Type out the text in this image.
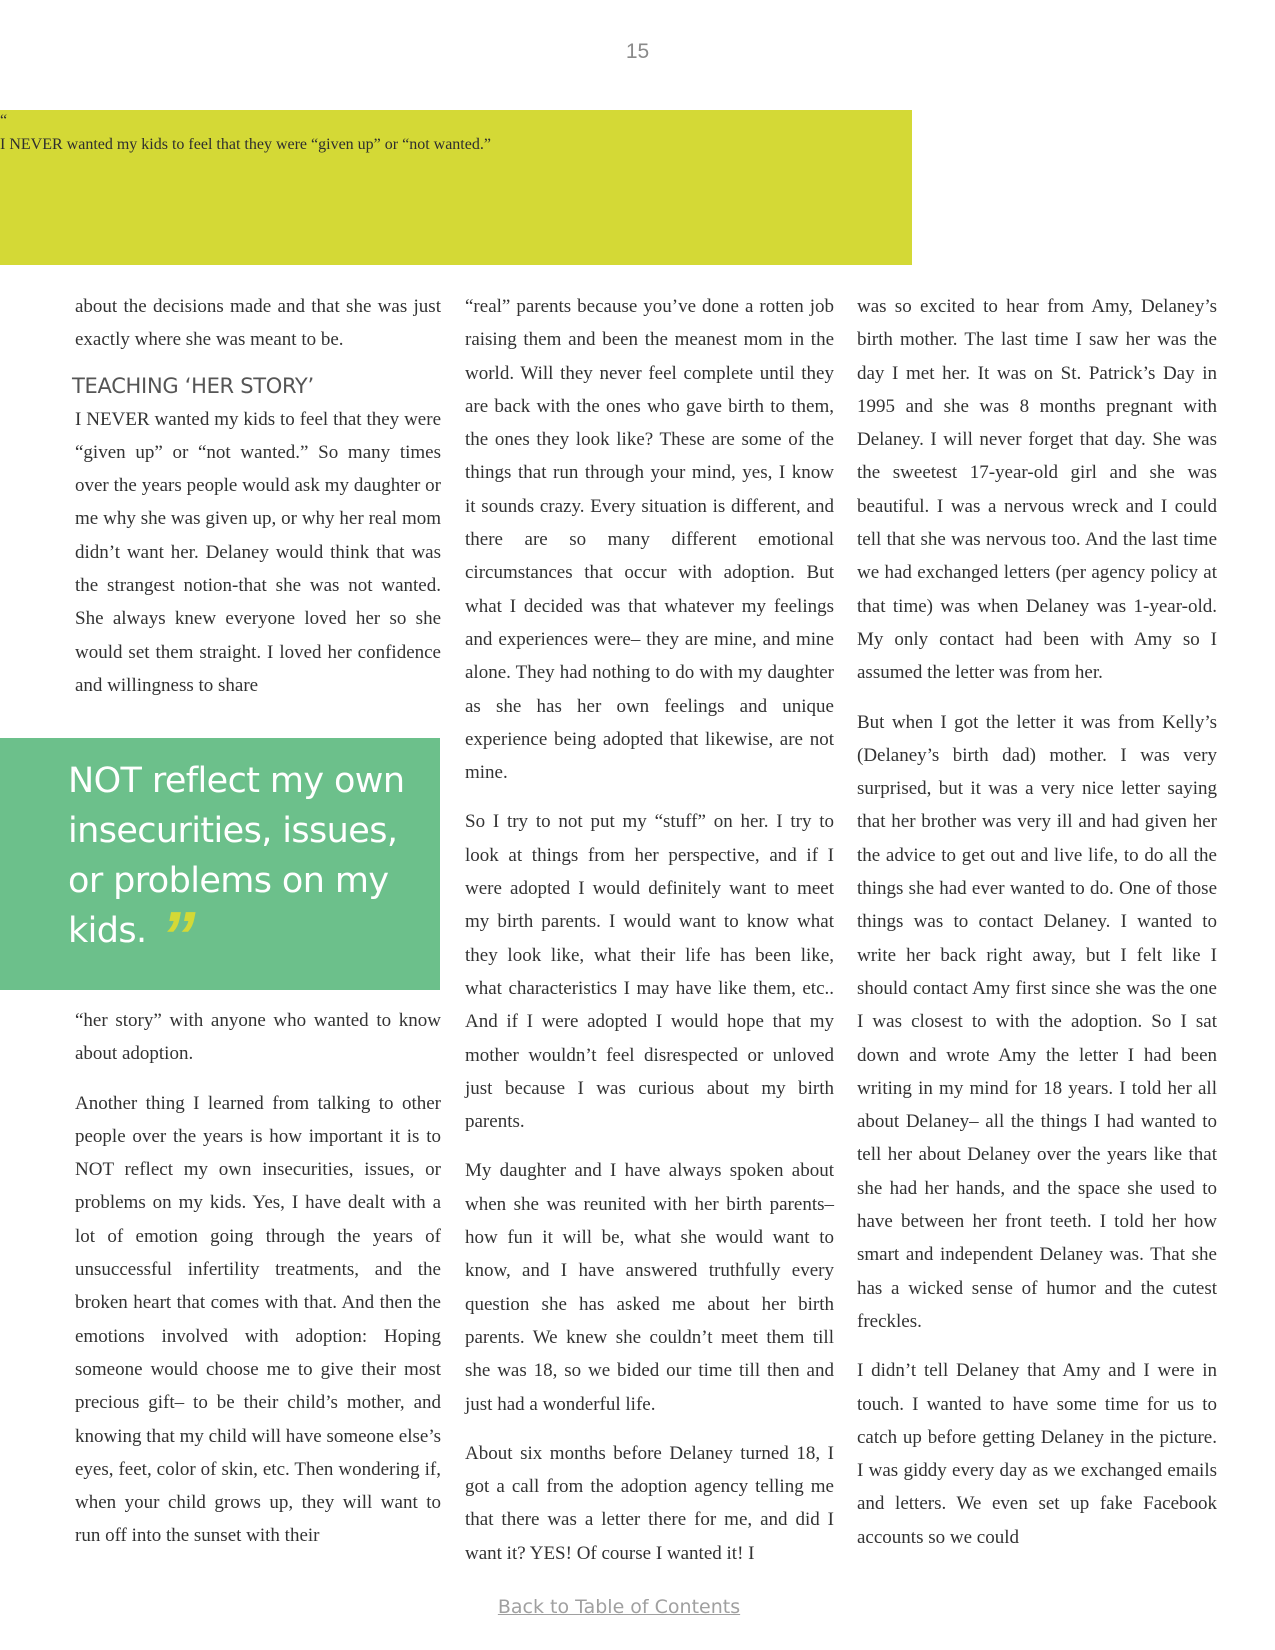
15
“
I NEVER wanted my kids to feel that they were “given up” or “not wanted.”
NOT reflect my own insecurities, issues, or problems on my kids. ”

about the decisions made and that she was just exactly where she was meant to be.

TEACHING ‘HER STORY’

I NEVER wanted my kids to feel that they were “given up” or “not wanted.” So many times over the years people would ask my daughter or me why she was given up, or why her real mom didn’t want her. Delaney would think that was the strangest notion-that she was not wanted. She always knew everyone loved her so she would set them straight. I loved her confidence and willingness to share

“her story” with anyone who wanted to know about adoption.

Another thing I learned from talking to other people over the years is how important it is to NOT reflect my own insecurities, issues, or problems on my kids. Yes, I have dealt with a lot of emotion going through the years of unsuccessful infertility treatments, and the broken heart that comes with that. And then the emotions involved with adoption: Hoping someone would choose me to give their most precious gift– to be their child’s mother, and knowing that my child will have someone else’s eyes, feet, color of skin, etc. Then wondering if, when your child grows up, they will want to run off into the sunset with their

“real” parents because you’ve done a rotten job raising them and been the meanest mom in the world. Will they never feel complete until they are back with the ones who gave birth to them, the ones they look like? These are some of the things that run through your mind, yes, I know it sounds crazy. Every situation is different, and there are so many different emotional circumstances that occur with adoption. But what I decided was that whatever my feelings and experiences were– they are mine, and mine alone. They had nothing to do with my daughter as she has her own feelings and unique experience being adopted that likewise, are not mine.

So I try to not put my “stuff” on her. I try to look at things from her perspective, and if I were adopted I would definitely want to meet my birth parents. I would want to know what they look like, what their life has been like, what characteristics I may have like them, etc.. And if I were adopted I would hope that my mother wouldn’t feel disrespected or unloved just because I was curious about my birth parents.

My daughter and I have always spoken about when she was reunited with her birth parents– how fun it will be, what she would want to know, and I have answered truthfully every question she has asked me about her birth parents. We knew she couldn’t meet them till she was 18, so we bided our time till then and just had a wonderful life.

About six months before Delaney turned 18, I got a call from the adoption agency telling me that there was a letter there for me, and did I want it? YES! Of course I wanted it! I

was so excited to hear from Amy, Delaney’s birth mother. The last time I saw her was the day I met her. It was on St. Patrick’s Day in 1995 and she was 8 months pregnant with Delaney. I will never forget that day. She was the sweetest 17-year-old girl and she was beautiful. I was a nervous wreck and I could tell that she was nervous too. And the last time we had exchanged letters (per agency policy at that time) was when Delaney was 1-year-old. My only contact had been with Amy so I assumed the letter was from her.

But when I got the letter it was from Kelly’s (Delaney’s birth dad) mother. I was very surprised, but it was a very nice letter saying that her brother was very ill and had given her the advice to get out and live life, to do all the things she had ever wanted to do. One of those things was to contact Delaney. I wanted to write her back right away, but I felt like I should contact Amy first since she was the one I was closest to with the adoption. So I sat down and wrote Amy the letter I had been writing in my mind for 18 years. I told her all about Delaney– all the things I had wanted to tell her about Delaney over the years like that she had her hands, and the space she used to have between her front teeth. I told her how smart and independent Delaney was. That she has a wicked sense of humor and the cutest freckles.

I didn’t tell Delaney that Amy and I were in touch. I wanted to have some time for us to catch up before getting Delaney in the picture. I was giddy every day as we exchanged emails and letters. We even set up fake Facebook accounts so we could

Back to Table of Contents
